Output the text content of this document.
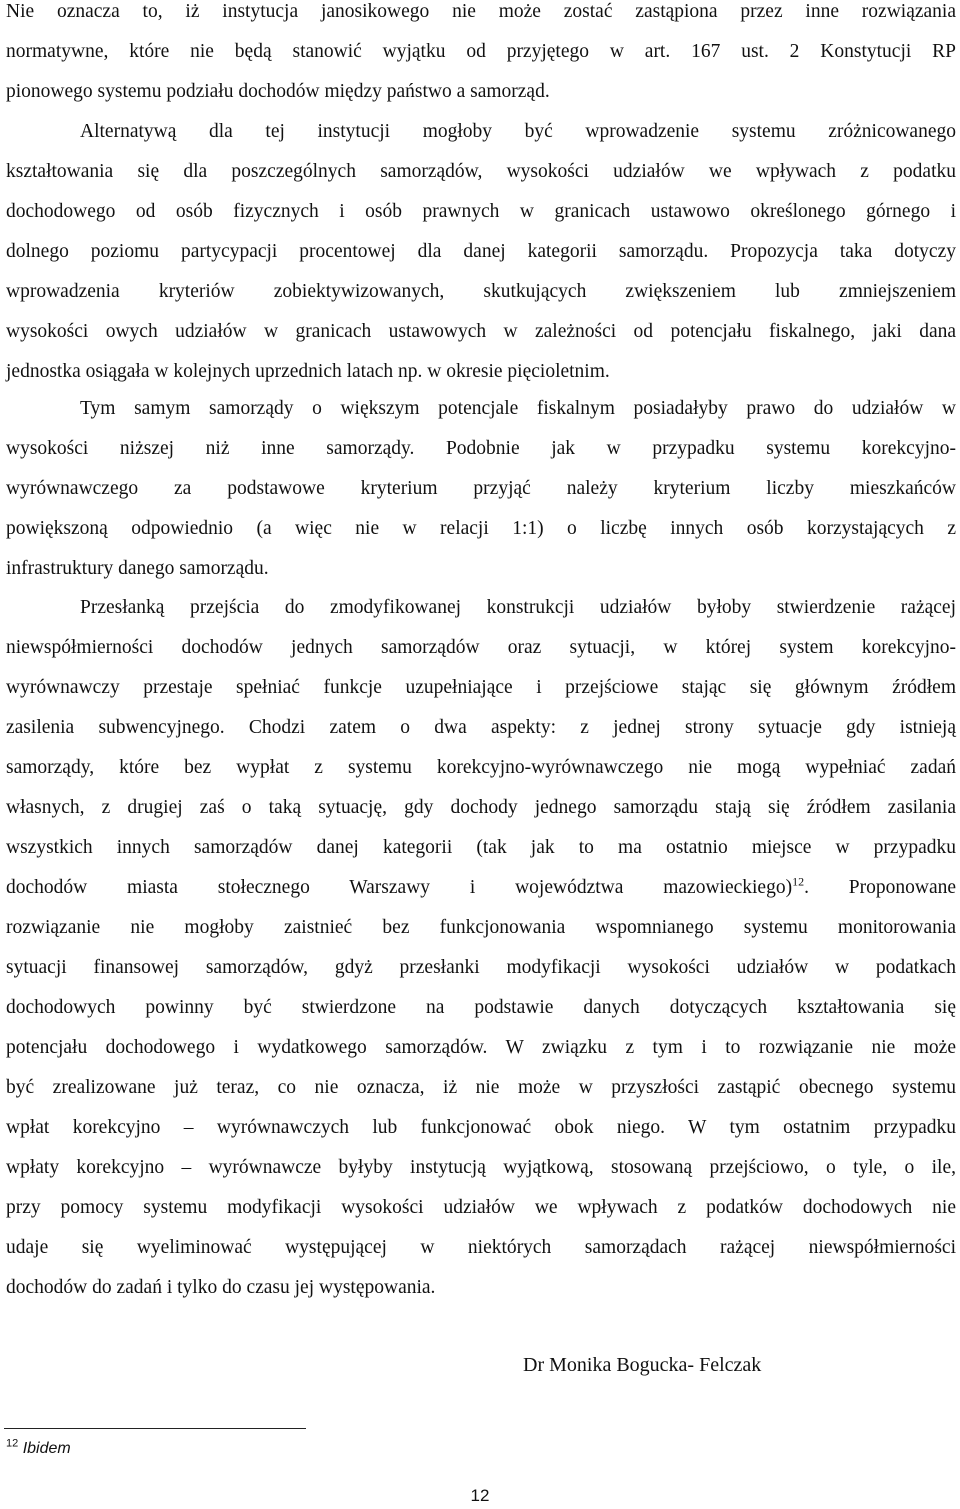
Nie oznacza to, iż instytucja janosikowego nie może zostać zastąpiona przez inne rozwiązania
normatywne, które nie będą stanowić wyjątku od przyjętego w art. 167 ust. 2 Konstytucji RP
pionowego systemu podziału dochodów między państwo a samorząd.
Alternatywą dla tej instytucji mogłoby być wprowadzenie systemu zróżnicowanego
kształtowania się dla poszczególnych samorządów, wysokości udziałów we wpływach z podatku
dochodowego od osób fizycznych i osób prawnych w granicach ustawowo określonego górnego i
dolnego poziomu partycypacji procentowej dla danej kategorii samorządu. Propozycja taka dotyczy
wprowadzenia kryteriów zobiektywizowanych, skutkujących zwiększeniem lub zmniejszeniem
wysokości owych udziałów w granicach ustawowych w zależności od potencjału fiskalnego, jaki dana
jednostka osiągała w kolejnych uprzednich latach np. w okresie pięcioletnim.
Tym samym samorządy o większym potencjale fiskalnym posiadałyby prawo do udziałów w
wysokości niższej niż inne samorządy. Podobnie jak w przypadku systemu korekcyjno-
wyrównawczego za podstawowe kryterium przyjąć należy kryterium liczby mieszkańców
powiększoną odpowiednio (a więc nie w relacji 1:1) o liczbę innych osób korzystających z
infrastruktury danego samorządu.
Przesłanką przejścia do zmodyfikowanej konstrukcji udziałów byłoby stwierdzenie rażącej
niewspółmierności dochodów jednych samorządów oraz sytuacji, w której system korekcyjno-
wyrównawczy przestaje spełniać funkcje uzupełniające i przejściowe stając się głównym źródłem
zasilenia subwencyjnego. Chodzi zatem o dwa aspekty: z jednej strony sytuacje gdy istnieją
samorządy, które bez wypłat z systemu korekcyjno-wyrównawczego nie mogą wypełniać zadań
własnych, z drugiej zaś o taką sytuację, gdy dochody jednego samorządu stają się źródłem zasilania
wszystkich innych samorządów danej kategorii (tak jak to ma ostatnio miejsce w przypadku
dochodów miasta stołecznego Warszawy i województwa mazowieckiego)$^{12}$. Proponowane
rozwiązanie nie mogłoby zaistnieć bez funkcjonowania wspomnianego systemu monitorowania
sytuacji finansowej samorządów, gdyż przesłanki modyfikacji wysokości udziałów w podatkach
dochodowych powinny być stwierdzone na podstawie danych dotyczących kształtowania się
potencjału dochodowego i wydatkowego samorządów. W związku z tym i to rozwiązanie nie może
być zrealizowane już teraz, co nie oznacza, iż nie może w przyszłości zastąpić obecnego systemu
wpłat korekcyjno – wyrównawczych lub funkcjonować obok niego. W tym ostatnim przypadku
wpłaty korekcyjno – wyrównawcze byłyby instytucją wyjątkową, stosowaną przejściowo, o tyle, o ile,
przy pomocy systemu modyfikacji wysokości udziałów we wpływach z podatków dochodowych nie
udaje się wyeliminować występującej w niektórych samorządach rażącej niewspółmierności
dochodów do zadań i tylko do czasu jej występowania.
Dr Monika Bogucka- Felczak
$^{12}$ Ibidem
12
